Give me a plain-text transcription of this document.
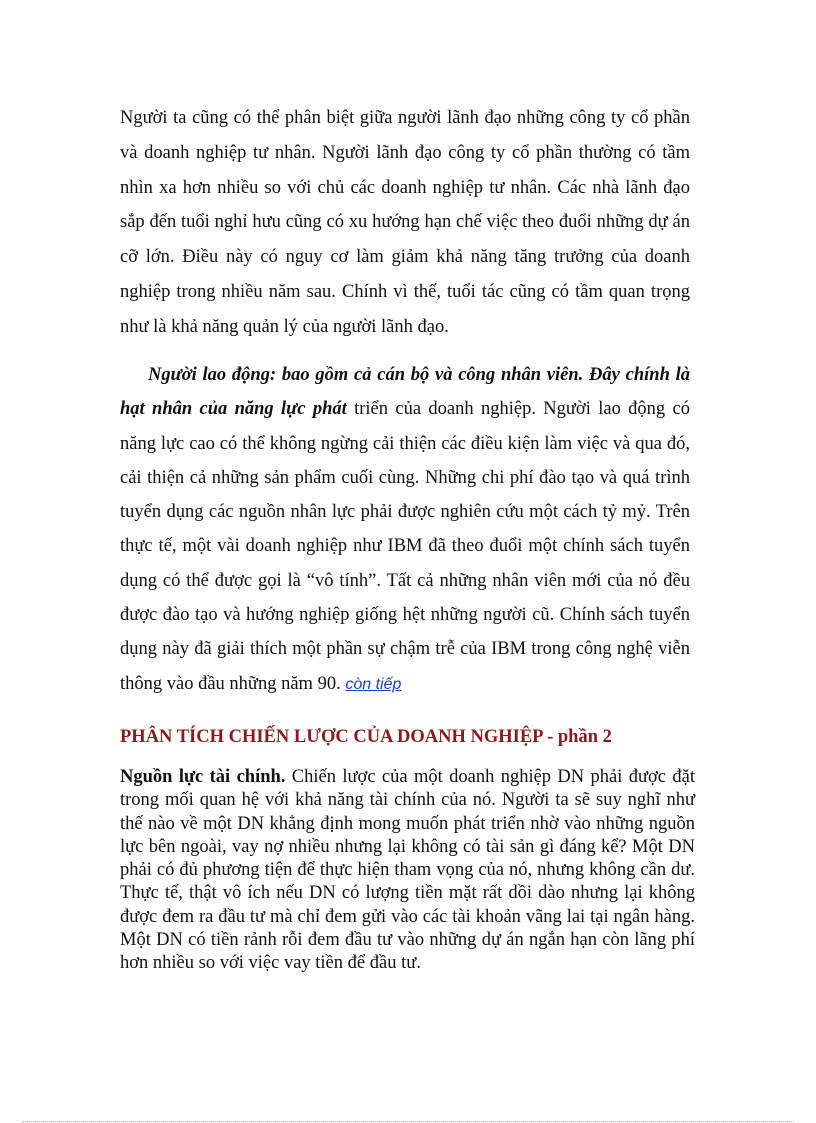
Người ta cũng có thể phân biệt giữa người lãnh đạo những công ty cổ phần và doanh nghiệp tư nhân. Người lãnh đạo công ty cổ phần thường có tầm nhìn xa hơn nhiều so với chủ các doanh nghiệp tư nhân. Các nhà lãnh đạo sắp đến tuổi nghỉ hưu cũng có xu hướng hạn chế việc theo đuổi những dự án cỡ lớn. Điều này có nguy cơ làm giảm khả năng tăng trưởng của doanh nghiệp trong nhiều năm sau. Chính vì thế, tuổi tác cũng có tầm quan trọng như là khả năng quản lý của người lãnh đạo.

Người lao động: bao gồm cả cán bộ và công nhân viên. Đây chính là hạt nhân của năng lực phát triển của doanh nghiệp. Người lao động có năng lực cao có thể không ngừng cải thiện các điều kiện làm việc và qua đó, cải thiện cả những sản phẩm cuối cùng. Những chi phí đào tạo và quá trình tuyển dụng các nguồn nhân lực phải được nghiên cứu một cách tỷ mỷ. Trên thực tế, một vài doanh nghiệp như IBM đã theo đuổi một chính sách tuyển dụng có thể được gọi là “vô tính”. Tất cả những nhân viên mới của nó đều được đào tạo và hướng nghiệp giống hệt những người cũ. Chính sách tuyển dụng này đã giải thích một phần sự chậm trễ của IBM trong công nghệ viễn thông vào đầu những năm 90. còn tiếp

PHÂN TÍCH CHIẾN LƯỢC CỦA DOANH NGHIỆP - phần 2

Nguồn lực tài chính. Chiến lược của một doanh nghiệp DN phải được đặt trong mối quan hệ với khả năng tài chính của nó. Người ta sẽ suy nghĩ như thế nào về một DN khẳng định mong muốn phát triển nhờ vào những nguồn lực bên ngoài, vay nợ nhiều nhưng lại không có tài sản gì đáng kể? Một DN phải có đủ phương tiện để thực hiện tham vọng của nó, nhưng không cần dư. Thực tế, thật vô ích nếu DN có lượng tiền mặt rất dồi dào nhưng lại không được đem ra đầu tư mà chỉ đem gửi vào các tài khoản vãng lai tại ngân hàng. Một DN có tiền rảnh rỗi đem đầu tư vào những dự án ngắn hạn còn lãng phí hơn nhiều so với việc vay tiền để đầu tư.
